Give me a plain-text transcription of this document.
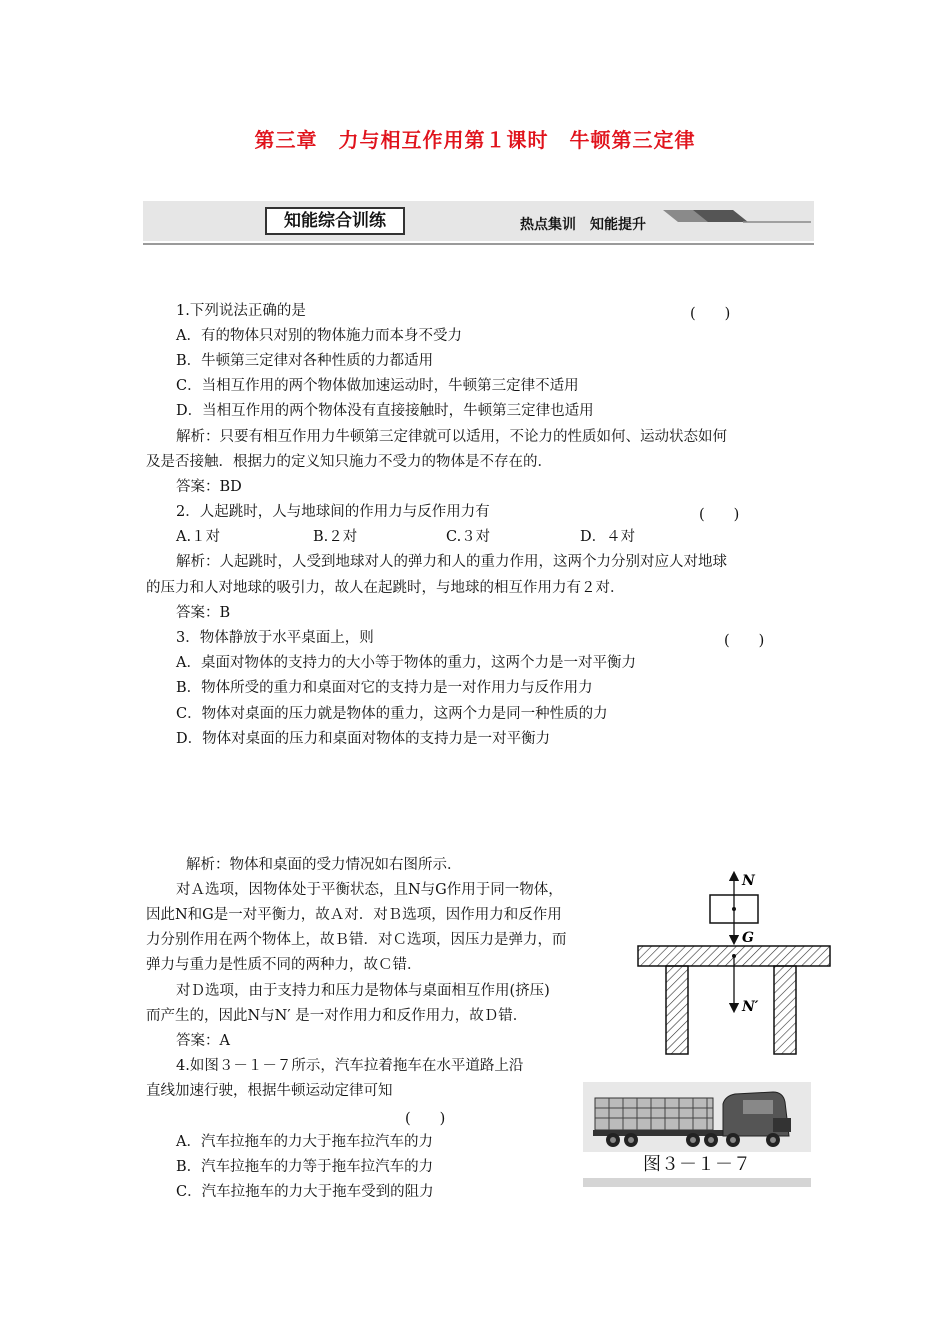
第三章　力与相互作用第１课时　牛顿第三定律
知能综合训练	热点集训　知能提升
1.下列说法正确的是	(　　)
A．有的物体只对别的物体施力而本身不受力
B．牛顿第三定律对各种性质的力都适用
C．当相互作用的两个物体做加速运动时，牛顿第三定律不适用
D．当相互作用的两个物体没有直接接触时，牛顿第三定律也适用
解析：只要有相互作用力牛顿第三定律就可以适用，不论力的性质如何、运动状态如何
及是否接触．根据力的定义知只施力不受力的物体是不存在的．
答案：BD
2．人起跳时，人与地球间的作用力与反作用力有	(　　)
A.１对	B.２对	C.３对	D．４对
解析：人起跳时，人受到地球对人的弹力和人的重力作用，这两个力分别对应人对地球
的压力和人对地球的吸引力，故人在起跳时，与地球的相互作用力有２对．
答案：B
3．物体静放于水平桌面上，则	(　　)
A．桌面对物体的支持力的大小等于物体的重力，这两个力是一对平衡力
B．物体所受的重力和桌面对它的支持力是一对作用力与反作用力
C．物体对桌面的压力就是物体的重力，这两个力是同一种性质的力
D．物体对桌面的压力和桌面对物体的支持力是一对平衡力
解析：物体和桌面的受力情况如右图所示．
对Ａ选项，因物体处于平衡状态，且N与G作用于同一物体，
因此N和G是一对平衡力，故Ａ对．对Ｂ选项，因作用力和反作用
力分别作用在两个物体上，故Ｂ错．对Ｃ选项，因压力是弹力，而
弹力与重力是性质不同的两种力，故Ｃ错．
对Ｄ选项，由于支持力和压力是物体与桌面相互作用(挤压)
而产生的，因此N与N′ 是一对作用力和反作用力，故Ｄ错．
答案：A
4.如图３－１－７所示，汽车拉着拖车在水平道路上沿
直线加速行驶，根据牛顿运动定律可知
(　　)
A．汽车拉拖车的力大于拖车拉汽车的力
B．汽车拉拖车的力等于拖车拉汽车的力
C．汽车拉拖车的力大于拖车受到的阻力
N
G
N′
图３－１－７
